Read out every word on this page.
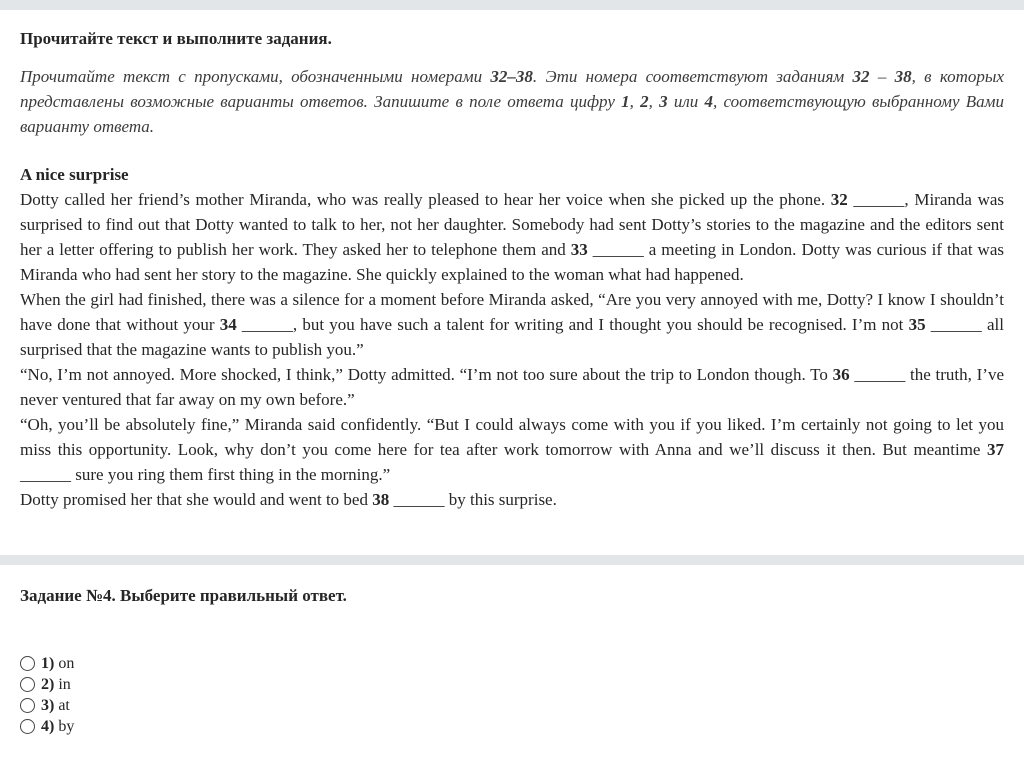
Прочитайте текст и выполните задания.

Прочитайте текст с пропусками, обозначенными номерами 32–38. Эти номера соответствуют заданиям 32 – 38, в которых представлены возможные варианты ответов. Запишите в поле ответа цифру 1, 2, 3 или 4, соответствующую выбранному Вами варианту ответа.

A nice surprise

Dotty called her friend’s mother Miranda, who was really pleased to hear her voice when she picked up the phone. 32 ______, Miranda was surprised to find out that Dotty wanted to talk to her, not her daughter. Somebody had sent Dotty’s stories to the magazine and the editors sent her a letter offering to publish her work. They asked her to telephone them and 33 ______ a meeting in London. Dotty was curious if that was Miranda who had sent her story to the magazine. She quickly explained to the woman what had happened.

When the girl had finished, there was a silence for a moment before Miranda asked, “Are you very annoyed with me, Dotty? I know I shouldn’t have done that without your 34 ______, but you have such a talent for writing and I thought you should be recognised. I’m not 35 ______ all surprised that the magazine wants to publish you.”

“No, I’m not annoyed. More shocked, I think,” Dotty admitted. “I’m not too sure about the trip to London though. To 36 ______ the truth, I’ve never ventured that far away on my own before.”

“Oh, you’ll be absolutely fine,” Miranda said confidently. “But I could always come with you if you liked. I’m certainly not going to let you miss this opportunity. Look, why don’t you come here for tea after work tomorrow with Anna and we’ll discuss it then. But meantime 37 ______ sure you ring them first thing in the morning.”

Dotty promised her that she would and went to bed 38 ______ by this surprise.

Задание №4. Выберите правильный ответ.

1) on
2) in
3) at
4) by
